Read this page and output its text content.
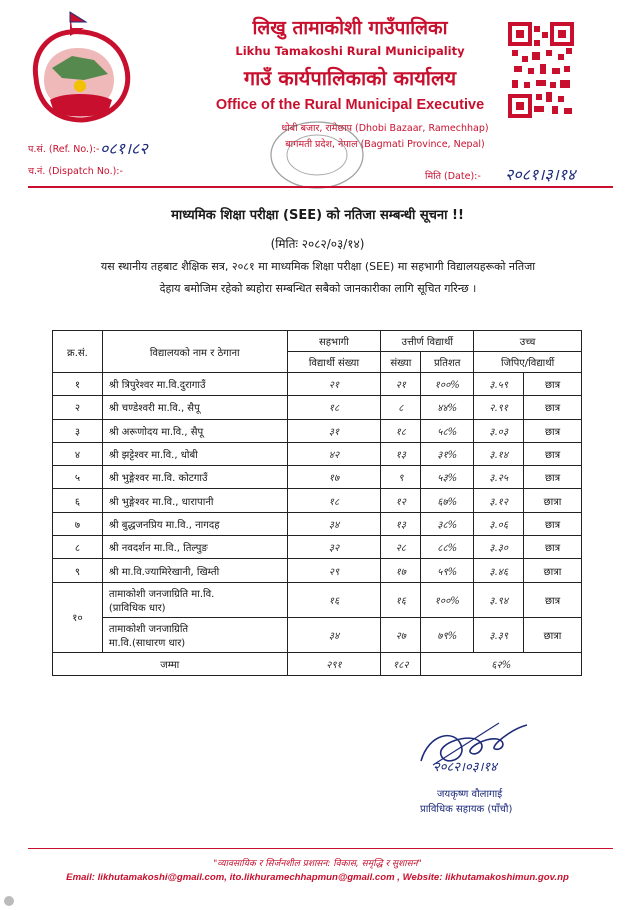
लिखु तामाकोशी गाउँपालिका
Likhu Tamakoshi Rural Municipality
गाउँ कार्यपालिकाको कार्यालय
Office of the Rural Municipal Executive
धोबी बजार, रामेछाप (Dhobi Bazaar, Ramechhap)
बागमती प्रदेश, नेपाल (Bagmati Province, Nepal)
प.सं. (Ref. No.):- ०८१।८२
च.नं. (Dispatch No.):-	मिति (Date):- २०८१।३।१४
माध्यमिक शिक्षा परीक्षा (SEE) को नतिजा सम्बन्धी सूचना !!
(मितिः २०८२/०३/१४)
यस स्थानीय तहबाट शैक्षिक सत्र, २०८१ मा माध्यमिक शिक्षा परीक्षा (SEE) मा सहभागी विद्यालयहरूको नतिजा देहाय बमोजिम रहेको ब्यहोरा सम्बन्धित सबैको जानकारीका लागि सूचित गरिन्छ ।
क्र.सं.	विद्यालयको नाम र ठेगाना	सहभागी	उत्तीर्ण विद्यार्थी		उच्च	
		विद्यार्थी संख्या	संख्या	प्रतिशत	जिपिए/विद्यार्थी	
१	श्री त्रिपुरेश्वर मा.वि.दुरागाउँ	२१	२१	१००%	३.५९	छात्र
२	श्री चण्डेश्वरी मा.वि., सैपू	१८	८	४४%	२.९१	छात्र
३	श्री अरूणोदय मा.वि., सैपू	३१	१८	५८%	३.०३	छात्र
४	श्री झट्टेश्वर मा.वि., धोबी	४२	१३	३१%	३.१४	छात्र
५	श्री भुङ्गेश्वर मा.वि. कोटगाउँ	१७	९	५३%	३.२५	छात्र
६	श्री भुङ्गेश्वर मा.वि., धारापानी	१८	१२	६७%	३.१२	छात्रा
७	श्री बुद्धजनप्रिय मा.वि., नागदह	३४	१३	३८%	३.०६	छात्र
८	श्री नवदर्शन मा.वि., तिल्पुङ	३२	२८	८८%	३.३०	छात्र
९	श्री मा.वि.ज्यामिरेखानी, खिम्ती	२९	१७	५९%	३.४६	छात्रा
१०	तामाकोशी जनजाग्रिति मा.वि.
(प्राविधिक धार)	१६	१६	१००%	३.९४	छात्र

	तामाकोशी जनजाग्रिति
मा.वि.(साधारण धार)	३४	२७	७९%	३.३९	छात्रा
जम्मा		२९१	१८२	६२%		
२०८२।०३।१४
जयकृष्ण वौलागाई
प्राविधिक सहायक (पाँचौ)
"व्यावसायिक र सिर्जनशील प्रशासन: विकास, समृद्धि र सुशासन"
Email: likhutamakoshi@gmail.com, ito.likhuramechhapmun@gmail.com , Website: likhutamakoshimun.gov.np
